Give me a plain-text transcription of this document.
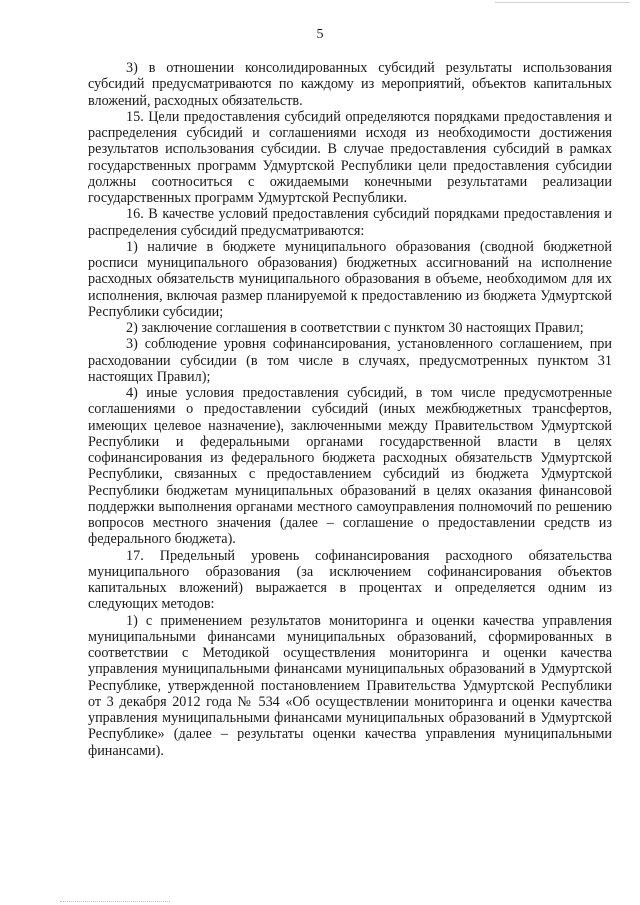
5

3) в отношении консолидированных субсидий результаты использования субсидий предусматриваются по каждому из мероприятий, объектов капитальных вложений, расходных обязательств.

15. Цели предоставления субсидий определяются порядками предоставления и распределения субсидий и соглашениями исходя из необходимости достижения результатов использования субсидии. В случае предоставления субсидий в рамках государственных программ Удмуртской Республики цели предоставления субсидии должны соотноситься с ожидаемыми конечными результатами реализации государственных программ Удмуртской Республики.

16. В качестве условий предоставления субсидий порядками предоставления и распределения субсидий предусматриваются:

1) наличие в бюджете муниципального образования (сводной бюджетной росписи муниципального образования) бюджетных ассигнований на исполнение расходных обязательств муниципального образования в объеме, необходимом для их исполнения, включая размер планируемой к предоставлению из бюджета Удмуртской Республики субсидии;

2) заключение соглашения в соответствии с пунктом 30 настоящих Правил;

3) соблюдение уровня софинансирования, установленного соглашением, при расходовании субсидии (в том числе в случаях, предусмотренных пунктом 31 настоящих Правил);

4) иные условия предоставления субсидий, в том числе предусмотренные соглашениями о предоставлении субсидий (иных межбюджетных трансфертов, имеющих целевое назначение), заключенными между Правительством Удмуртской Республики и федеральными органами государственной власти в целях софинансирования из федерального бюджета расходных обязательств Удмуртской Республики, связанных с предоставлением субсидий из бюджета Удмуртской Республики бюджетам муниципальных образований в целях оказания финансовой поддержки выполнения органами местного самоуправления полномочий по решению вопросов местного значения (далее – соглашение о предоставлении средств из федерального бюджета).

17. Предельный уровень софинансирования расходного обязательства муниципального образования (за исключением софинансирования объектов капитальных вложений) выражается в процентах и определяется одним из следующих методов:

1) с применением результатов мониторинга и оценки качества управления муниципальными финансами муниципальных образований, сформированных в соответствии с Методикой осуществления мониторинга и оценки качества управления муниципальными финансами муниципальных образований в Удмуртской Республике, утвержденной постановлением Правительства Удмуртской Республики от 3 декабря 2012 года № 534 «Об осуществлении мониторинга и оценки качества управления муниципальными финансами муниципальных образований в Удмуртской Республике» (далее – результаты оценки качества управления муниципальными финансами).
